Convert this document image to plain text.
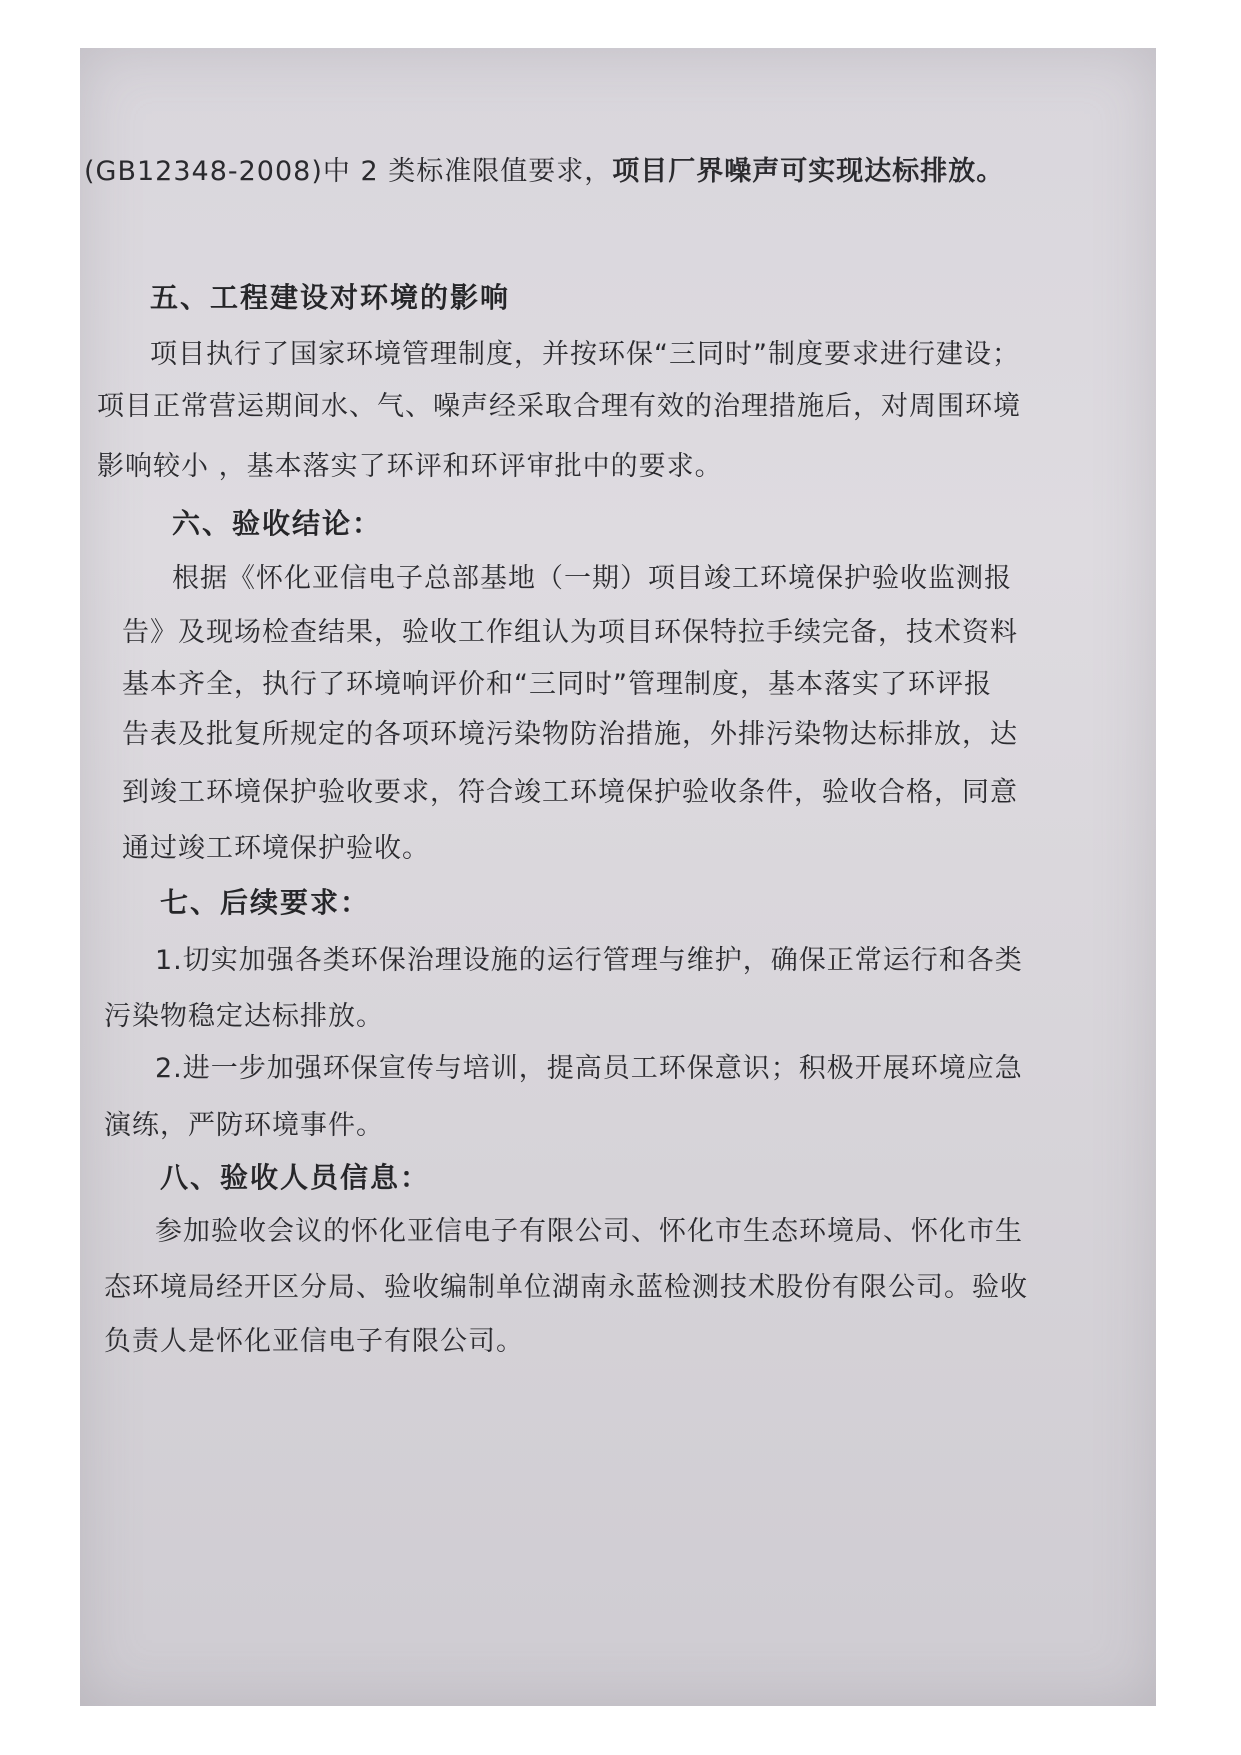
(GB12348-2008)中 2 类标准限值要求，项目厂界噪声可实现达标排放。

五、工程建设对环境的影响

项目执行了国家环境管理制度，并按环保“三同时”制度要求进行建设；

项目正常营运期间水、气、噪声经采取合理有效的治理措施后，对周围环境

影响较小 ，基本落实了环评和环评审批中的要求。

六、验收结论：

根据《怀化亚信电子总部基地（一期）项目竣工环境保护验收监测报

告》及现场检查结果，验收工作组认为项目环保特拉手续完备，技术资料

基本齐全，执行了环境响评价和“三同时”管理制度，基本落实了环评报

告表及批复所规定的各项环境污染物防治措施，外排污染物达标排放，达

到竣工环境保护验收要求，符合竣工环境保护验收条件，验收合格，同意

通过竣工环境保护验收。

七、后续要求：

1.切实加强各类环保治理设施的运行管理与维护，确保正常运行和各类

污染物稳定达标排放。

2.进一步加强环保宣传与培训，提高员工环保意识；积极开展环境应急

演练，严防环境事件。

八、验收人员信息：

参加验收会议的怀化亚信电子有限公司、怀化市生态环境局、怀化市生

态环境局经开区分局、验收编制单位湖南永蓝检测技术股份有限公司。验收

负责人是怀化亚信电子有限公司。
